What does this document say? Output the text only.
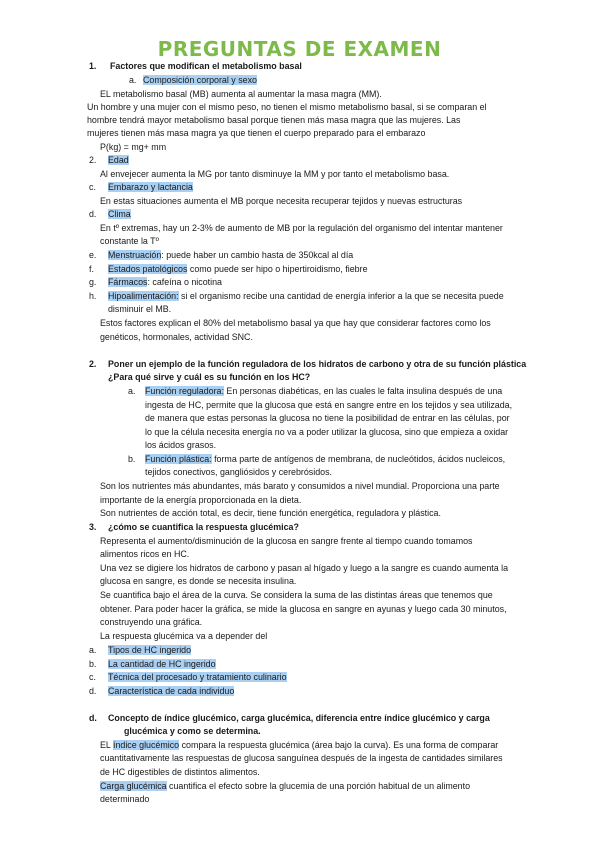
PREGUNTAS DE EXAMEN
1. Factores que modifican el metabolismo basal
a. Composición corporal y sexo
EL metabolismo basal (MB) aumenta al aumentar la masa magra (MM).
Un hombre y una mujer con el mismo peso, no tienen el mismo metabolismo basal, si se comparan el
hombre tendrá mayor metabolismo basal porque tienen más masa magra que las mujeres. Las
mujeres tienen más masa magra ya que tienen el cuerpo preparado para el embarazo
P(kg) = mg+ mm
2. Edad
Al envejecer aumenta la MG por tanto disminuye la MM y por tanto el metabolismo basa.
c. Embarazo y lactancia
En estas situaciones aumenta el MB porque necesita recuperar tejidos y nuevas estructuras
d. Clima
En tº extremas, hay un 2-3% de aumento de MB por la regulación del organismo del intentar mantener
constante la Tº
e. Menstruación: puede haber un cambio hasta de 350kcal al día
f. Estados patológicos como puede ser hipo o hipertiroidismo, fiebre
g. Fármacos: cafeína o nicotina
h. Hipoalimentación: si el organismo recibe una cantidad de energía inferior a la que se necesita puede
disminuir el MB.
Estos factores explican el 80% del metabolismo basal ya que hay que considerar factores como los
genéticos, hormonales, actividad SNC.
2. Poner un ejemplo de la función reguladora de los hidratos de carbono y otra de su función plástica
¿Para qué sirve y cuál es su función en los HC?
a. Función reguladora: En personas diabéticas, en las cuales le falta insulina después de una
ingesta de HC, permite que la glucosa que está en sangre entre en los tejidos y sea utilizada,
de manera que estas personas la glucosa no tiene la posibilidad de entrar en las células, por
lo que la célula necesita energía no va a poder utilizar la glucosa, sino que empieza a oxidar
los ácidos grasos.
b. Función plástica: forma parte de antígenos de membrana, de nucleótidos, ácidos nucleicos,
tejidos conectivos, gangliósidos y cerebrósidos.
Son los nutrientes más abundantes, más barato y consumidos a nivel mundial. Proporciona una parte
importante de la energía proporcionada en la dieta.
Son nutrientes de acción total, es decir, tiene función energética, reguladora y plástica.
3. ¿cómo se cuantifica la respuesta glucémica?
Representa el aumento/disminución de la glucosa en sangre frente al tiempo cuando tomamos
alimentos ricos en HC.
Una vez se digiere los hidratos de carbono y pasan al hígado y luego a la sangre es cuando aumenta la
glucosa en sangre, es donde se necesita insulina.
Se cuantifica bajo el área de la curva. Se considera la suma de las distintas áreas que tenemos que
obtener. Para poder hacer la gráfica, se mide la glucosa en sangre en ayunas y luego cada 30 minutos,
construyendo una gráfica.
La respuesta glucémica va a depender del
a. Tipos de HC ingerido
b. La cantidad de HC ingerido
c. Técnica del procesado y tratamiento culinario
d. Característica de cada individuo
d. Concepto de índice glucémico, carga glucémica, diferencia entre índice glucémico y carga
glucémica y como se determina.
EL índice glucémico compara la respuesta glucémica (área bajo la curva). Es una forma de comparar
cuantitativamente las respuestas de glucosa sanguínea después de la ingesta de cantidades similares
de HC digestibles de distintos alimentos.
Carga glucémica cuantifica el efecto sobre la glucemia de una porción habitual de un alimento
determinado
